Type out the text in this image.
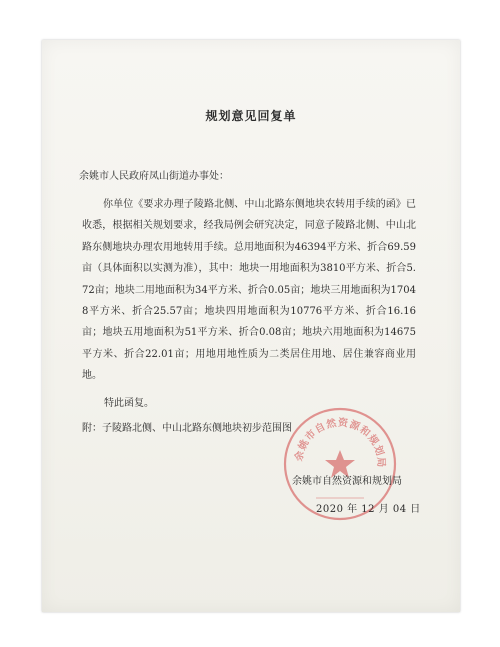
规划意见回复单
余姚市人民政府凤山街道办事处：

你单位《要求办理子陵路北侧、中山北路东侧地块农转用手续的函》已收悉，根据相关规划要求，经我局例会研究决定，同意子陵路北侧、中山北路东侧地块办理农用地转用手续。总用地面积为46394平方米、折合69.59亩（具体面积以实测为准），其中：地块一用地面积为3810平方米、折合5.72亩；地块二用地面积为34平方米、折合0.05亩；地块三用地面积为17048平方米、折合25.57亩；地块四用地面积为10776平方米、折合16.16亩；地块五用地面积为51平方米、折合0.08亩；地块六用地面积为14675平方米、折合22.01亩；用地用地性质为二类居住用地、居住兼容商业用地。

特此函复。
附：子陵路北侧、中山北路东侧地块初步范围图
余姚市自然资源和规划局
余姚市自然资源和规划局
2020 年 12 月 04 日
